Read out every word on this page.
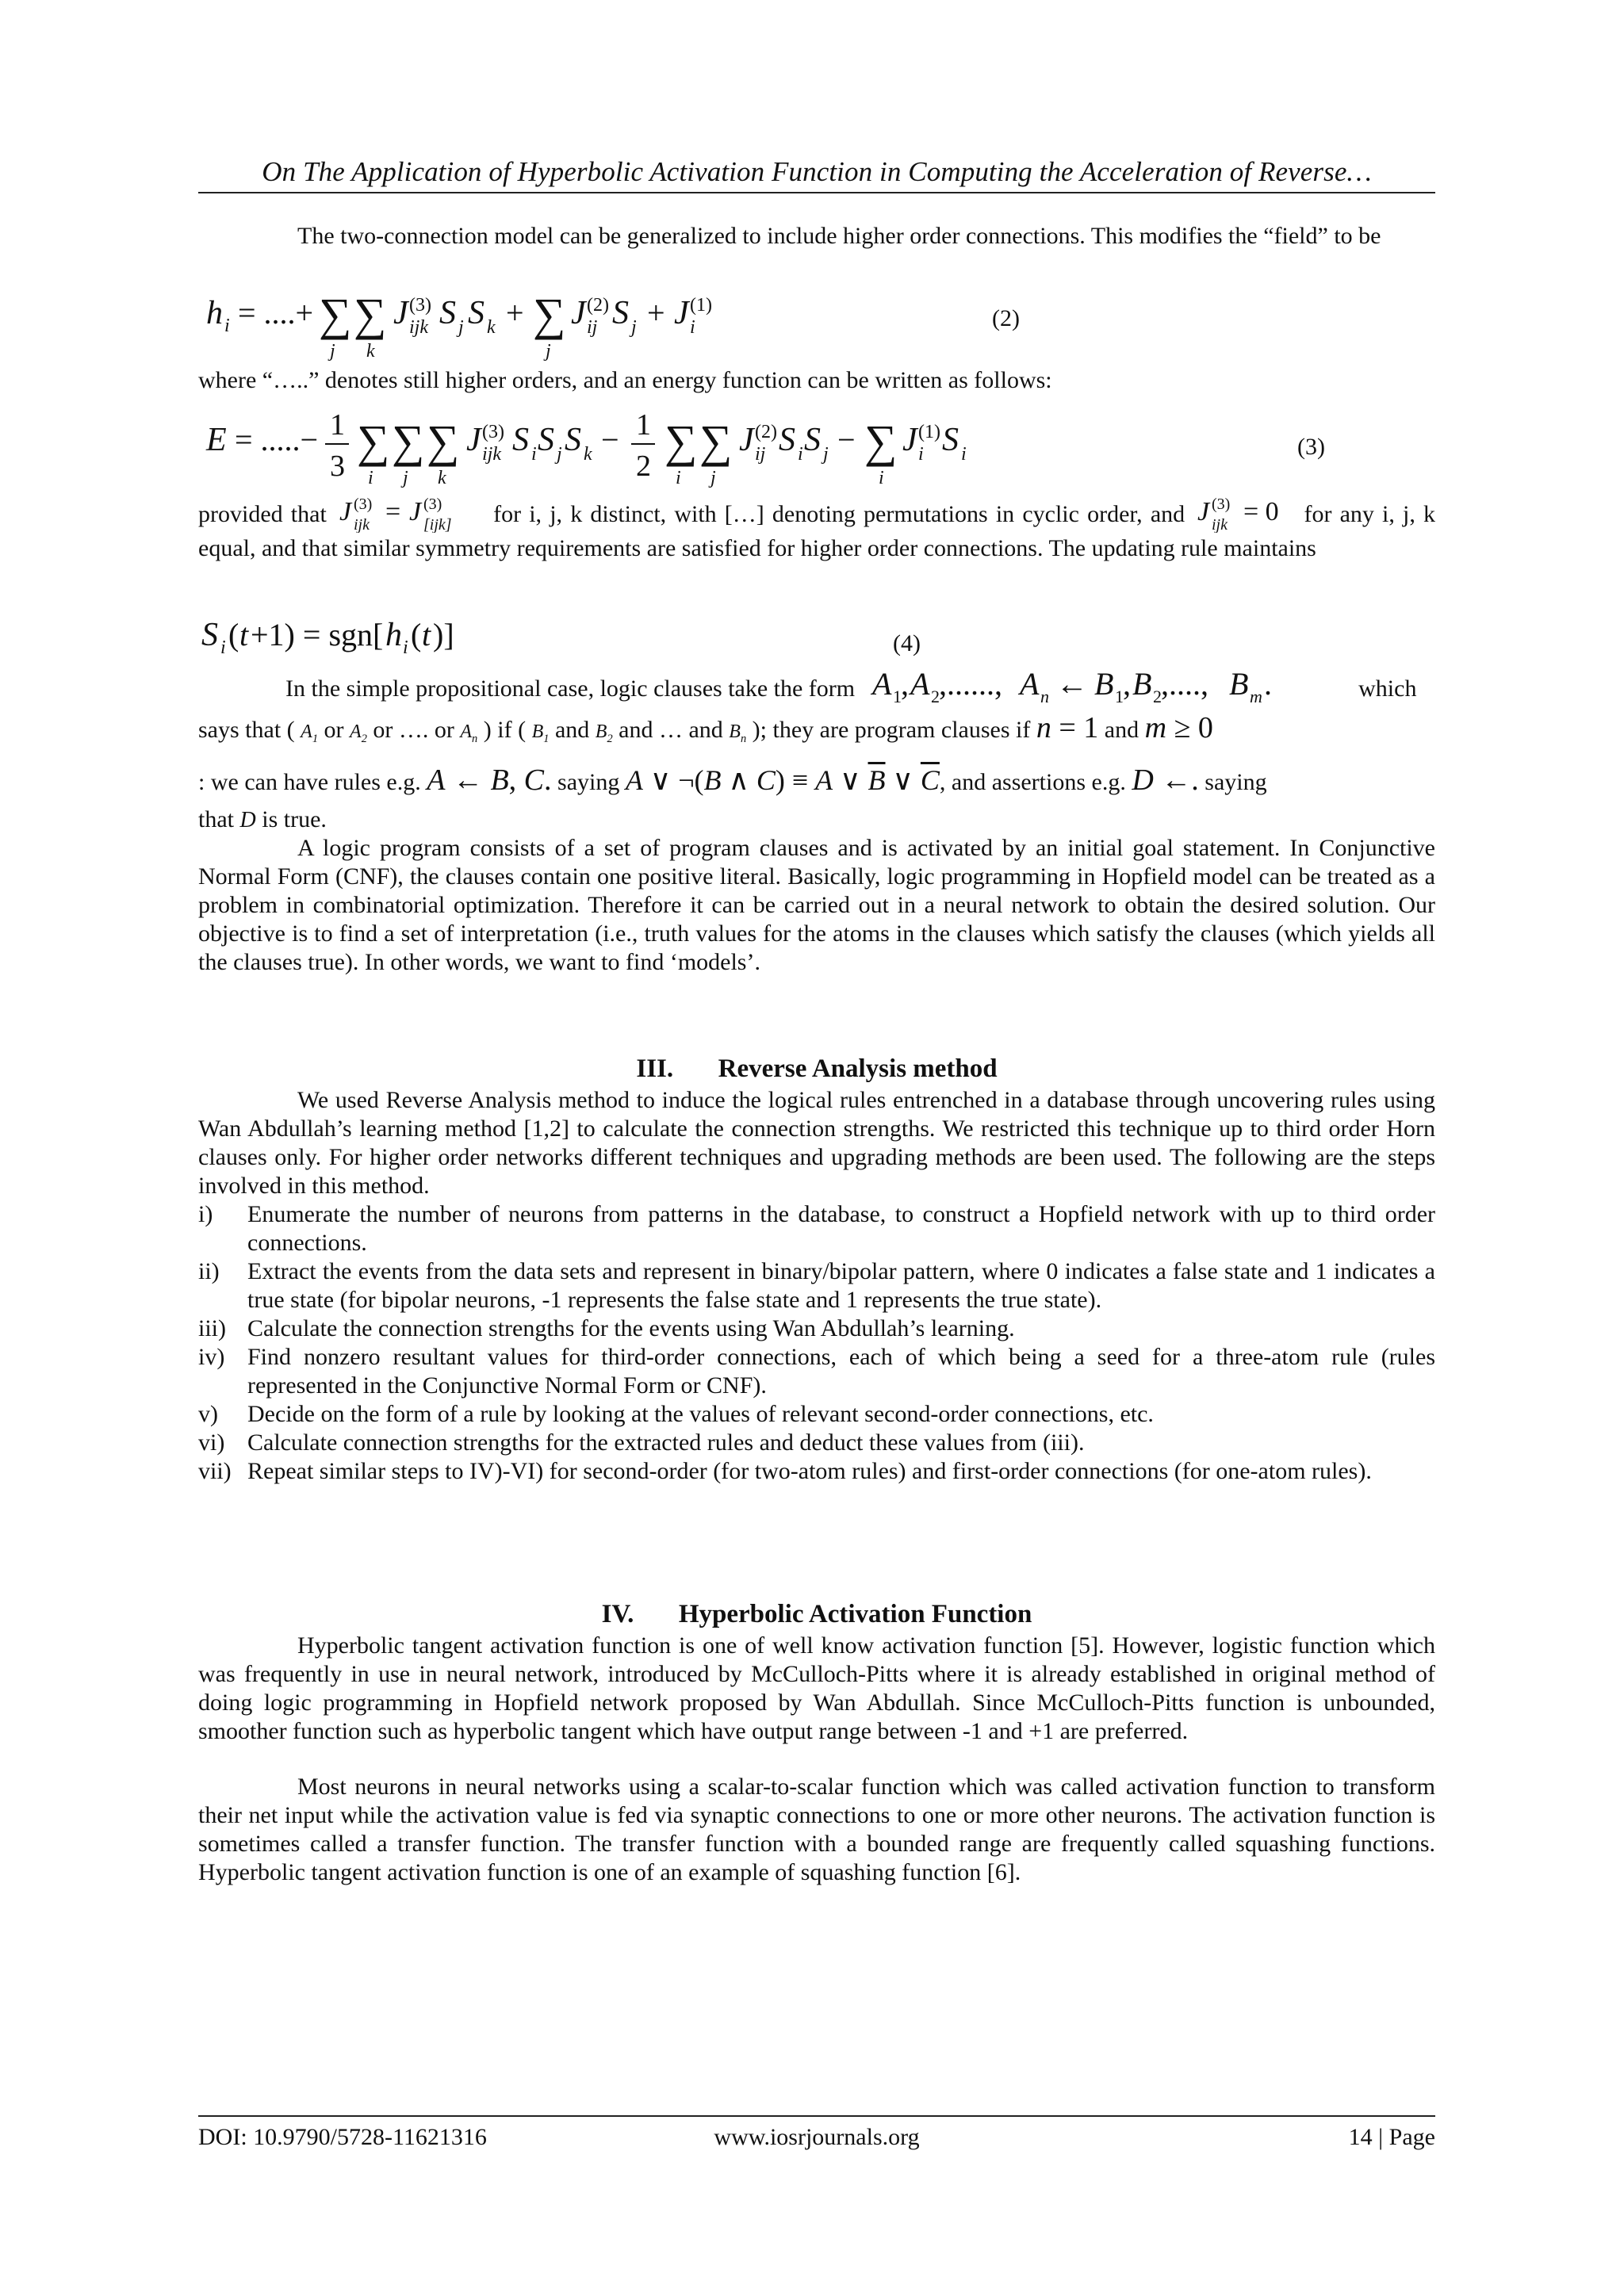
On The Application of Hyperbolic Activation Function in Computing the Acceleration of Reverse…
The two-connection model can be generalized to include higher order connections. This modifies the “field” to be
h i = ....+ ∑ ∑ J (3)
ijk S j S k + ∑ J (2)
ij S j + J (1)
i
j k	j
(2)
where “…..” denotes still higher orders, and an energy function can be written as follows:
E = .....− 1
3 ∑ ∑ ∑ J (3)
ijk S i S j S k − 1
2 ∑ ∑ J (2)
ij S i S j − ∑ J (1)
i S i
i j k	i j	i
(3)
provided that J (3)
ijk = J (3)
[ijk] for i, j, k distinct, with […] denoting permutations in cyclic order, and J (3)
ijk = 0 for any i, j, k equal, and that similar symmetry requirements are satisfied for higher order connections. The updating rule maintains
S i ( t +1) = sgn[ h i ( t )]	(4)
In the simple propositional case, logic clauses take the form A 1 , A 2 ,......, A n ← B 1 , B 2 ,...., B m .	which
says that ( $A_1$ or $A_2$ or …. or $A_n$ ) if ( $B_1$ and $B_2$ and … and $B_n$ ); they are program clauses if n = 1 and m ≥ 0
: we can have rules e.g. A ← B, C. saying A ∨ ¬(B ∧ C) ≡ A ∨ $\overline{B}$ ∨ $\overline{C}$, and assertions e.g. D ←. saying
that D is true.
A logic program consists of a set of program clauses and is activated by an initial goal statement. In Conjunctive Normal Form (CNF), the clauses contain one positive literal. Basically, logic programming in Hopfield model can be treated as a problem in combinatorial optimization. Therefore it can be carried out in a neural network to obtain the desired solution. Our objective is to find a set of interpretation (i.e., truth values for the atoms in the clauses which satisfy the clauses (which yields all the clauses true). In other words, we want to find ‘models’.
III. Reverse Analysis method
We used Reverse Analysis method to induce the logical rules entrenched in a database through uncovering rules using Wan Abdullah’s learning method [1,2] to calculate the connection strengths. We restricted this technique up to third order Horn clauses only. For higher order networks different techniques and upgrading methods are been used. The following are the steps involved in this method.
i) Enumerate the number of neurons from patterns in the database, to construct a Hopfield network with up to third order connections.
ii) Extract the events from the data sets and represent in binary/bipolar pattern, where 0 indicates a false state and 1 indicates a true state (for bipolar neurons, -1 represents the false state and 1 represents the true state).
iii) Calculate the connection strengths for the events using Wan Abdullah’s learning.
iv) Find nonzero resultant values for third-order connections, each of which being a seed for a three-atom rule (rules represented in the Conjunctive Normal Form or CNF).
v) Decide on the form of a rule by looking at the values of relevant second-order connections, etc.
vi) Calculate connection strengths for the extracted rules and deduct these values from (iii).
vii) Repeat similar steps to IV)-VI) for second-order (for two-atom rules) and first-order connections (for one-atom rules).
IV. Hyperbolic Activation Function
Hyperbolic tangent activation function is one of well know activation function [5]. However, logistic function which was frequently in use in neural network, introduced by McCulloch-Pitts where it is already established in original method of doing logic programming in Hopfield network proposed by Wan Abdullah. Since McCulloch-Pitts function is unbounded, smoother function such as hyperbolic tangent which have output range between -1 and +1 are preferred.
Most neurons in neural networks using a scalar-to-scalar function which was called activation function to transform their net input while the activation value is fed via synaptic connections to one or more other neurons. The activation function is sometimes called a transfer function. The transfer function with a bounded range are frequently called squashing functions. Hyperbolic tangent activation function is one of an example of squashing function [6].
DOI: 10.9790/5728-11621316	www.iosrjournals.org	14 | Page
